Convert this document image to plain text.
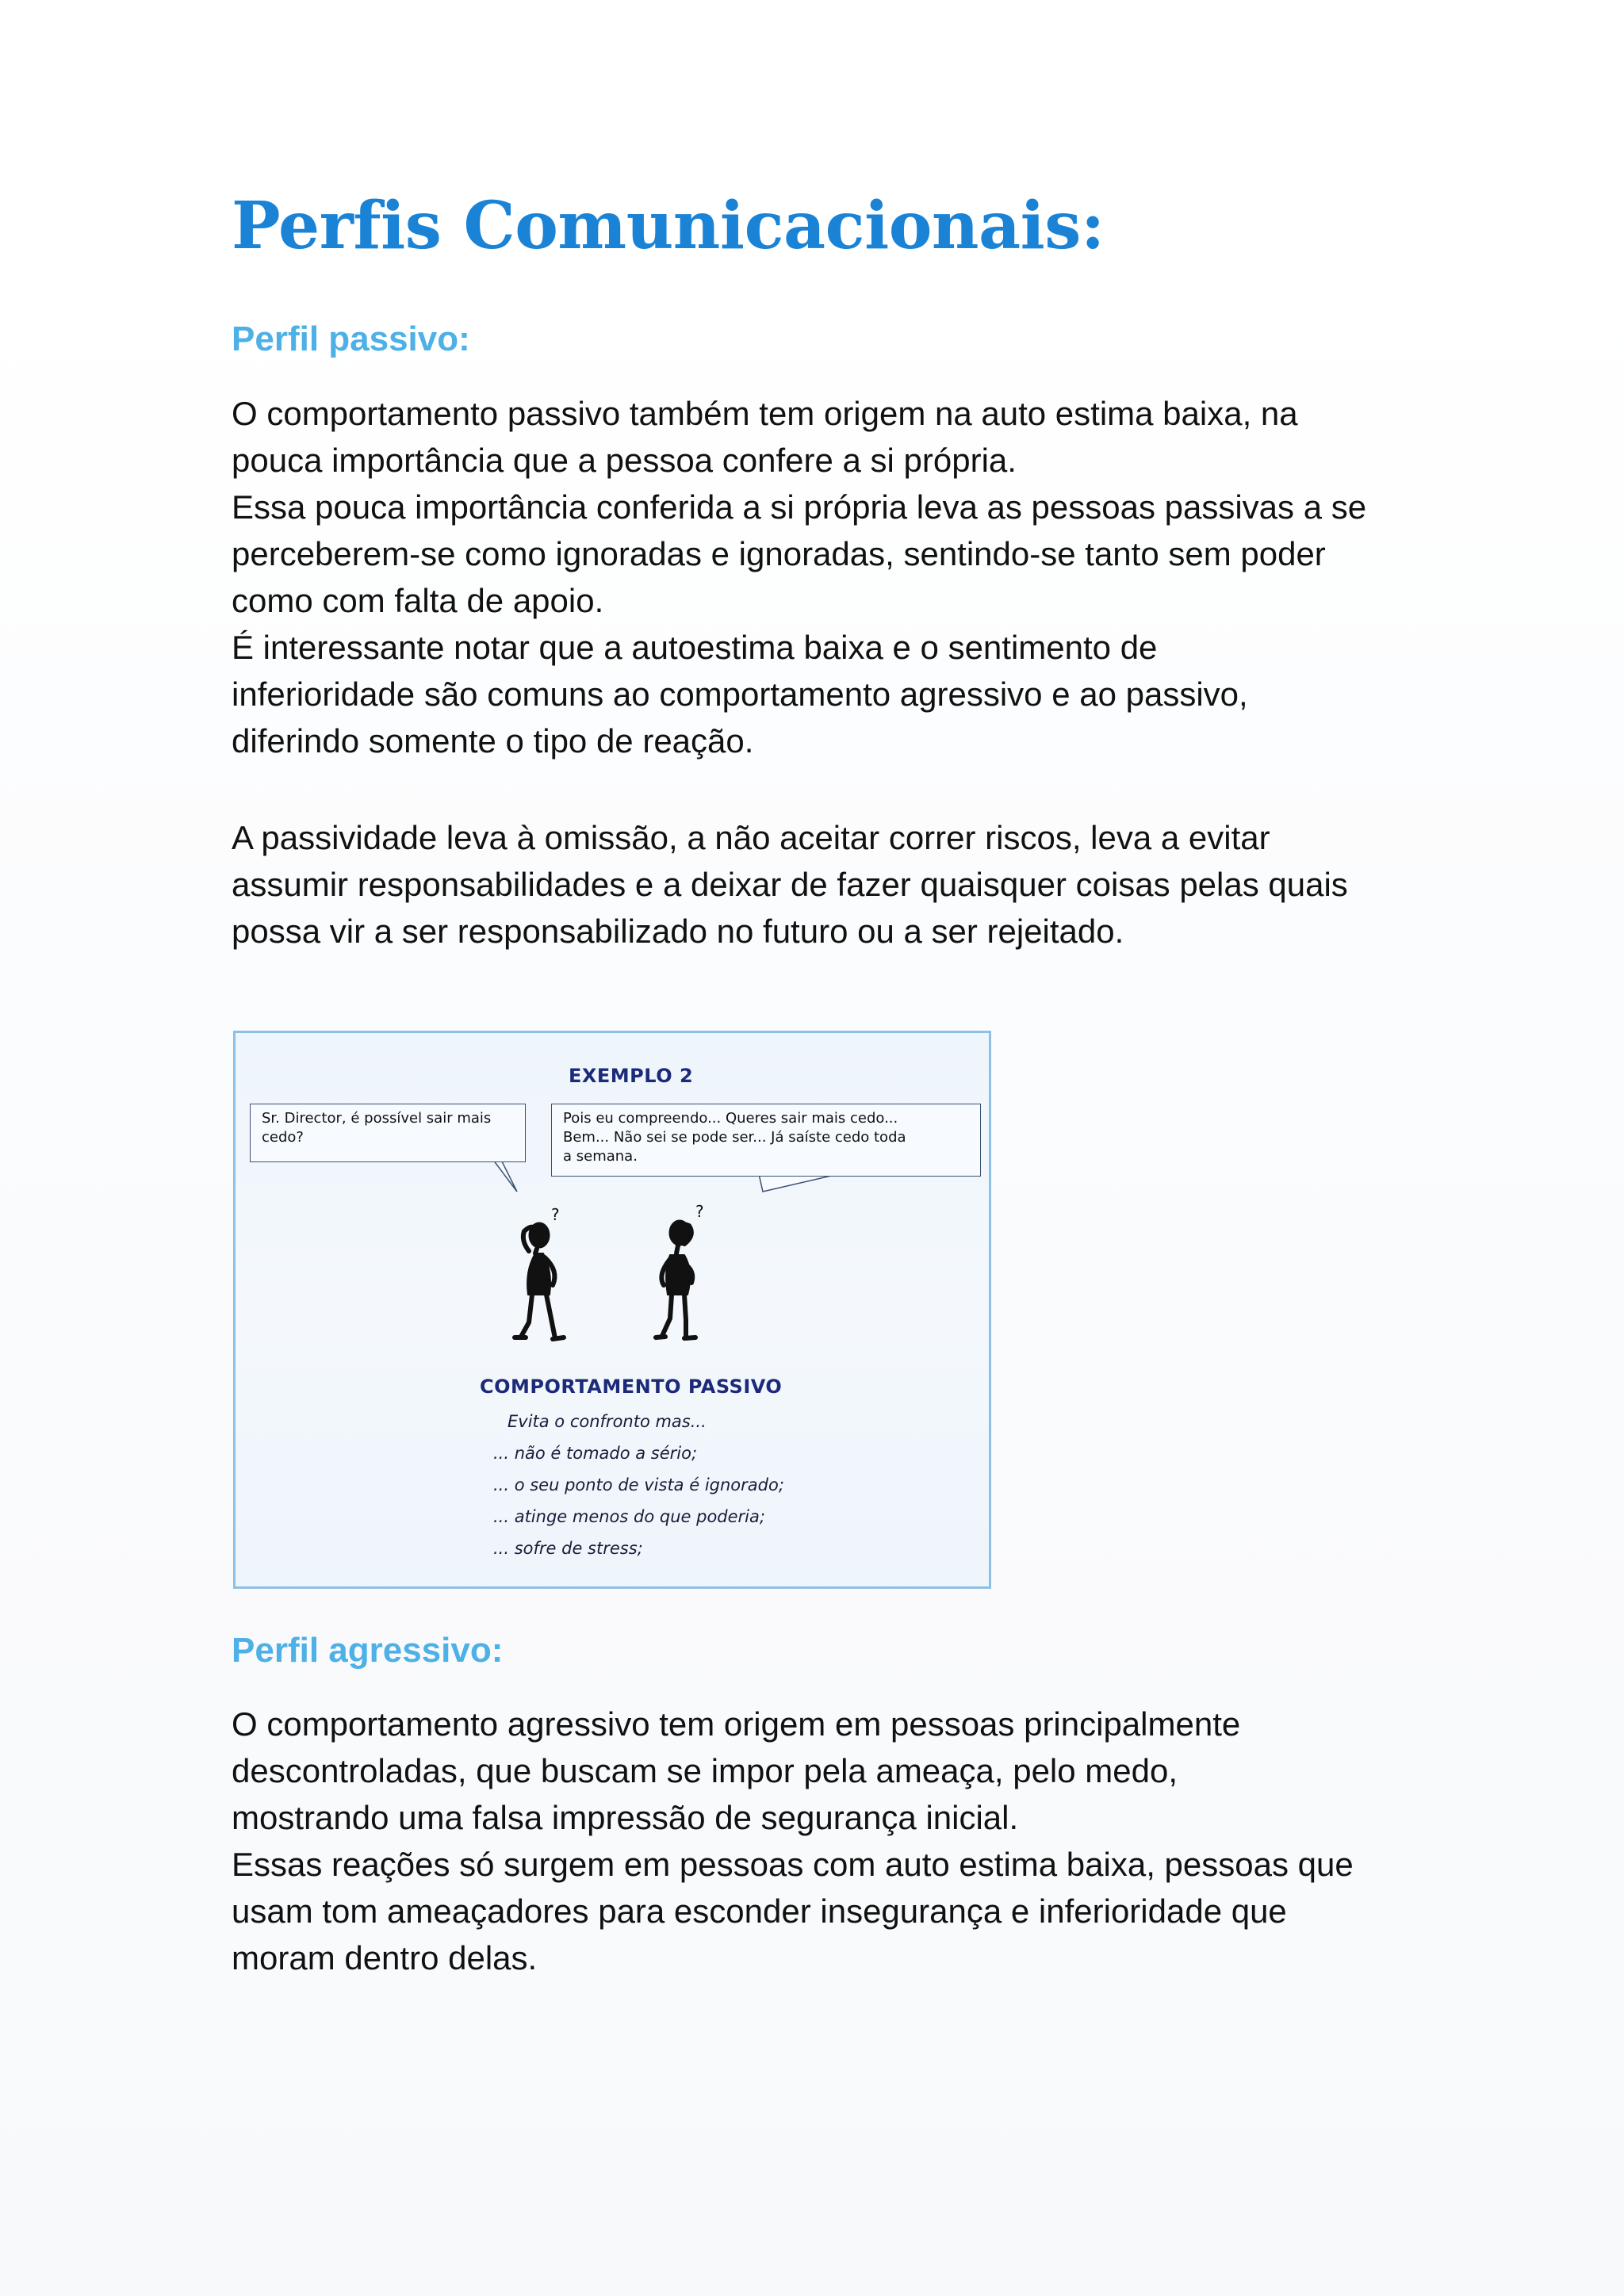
Perfis Comunicacionais:
Perfil passivo:

O comportamento passivo também tem origem na auto estima baixa, na
pouca importância que a pessoa confere a si própria.
Essa pouca importância conferida a si própria leva as pessoas passivas a se
perceberem-se como ignoradas e ignoradas, sentindo-se tanto sem poder
como com falta de apoio.
É interessante notar que a autoestima baixa e o sentimento de
inferioridade são comuns ao comportamento agressivo e ao passivo,
diferindo somente o tipo de reação.

A passividade leva à omissão, a não aceitar correr riscos, leva a evitar
assumir responsabilidades e a deixar de fazer quaisquer coisas pelas quais
possa vir a ser responsabilizado no futuro ou a ser rejeitado.

?	?
EXEMPLO 2
Sr. Director, é possível sair mais
cedo?
Pois eu compreendo... Queres sair mais cedo...
Bem... Não sei se pode ser... Já saíste cedo toda
a semana.
COMPORTAMENTO PASSIVO
Evita o confronto mas...
... não é tomado a sério;
... o seu ponto de vista é ignorado;
... atinge menos do que poderia;
... sofre de stress;
Perfil agressivo:

O comportamento agressivo tem origem em pessoas principalmente
descontroladas, que buscam se impor pela ameaça, pelo medo,
mostrando uma falsa impressão de segurança inicial.
Essas reações só surgem em pessoas com auto estima baixa, pessoas que
usam tom ameaçadores para esconder insegurança e inferioridade que
moram dentro delas.
